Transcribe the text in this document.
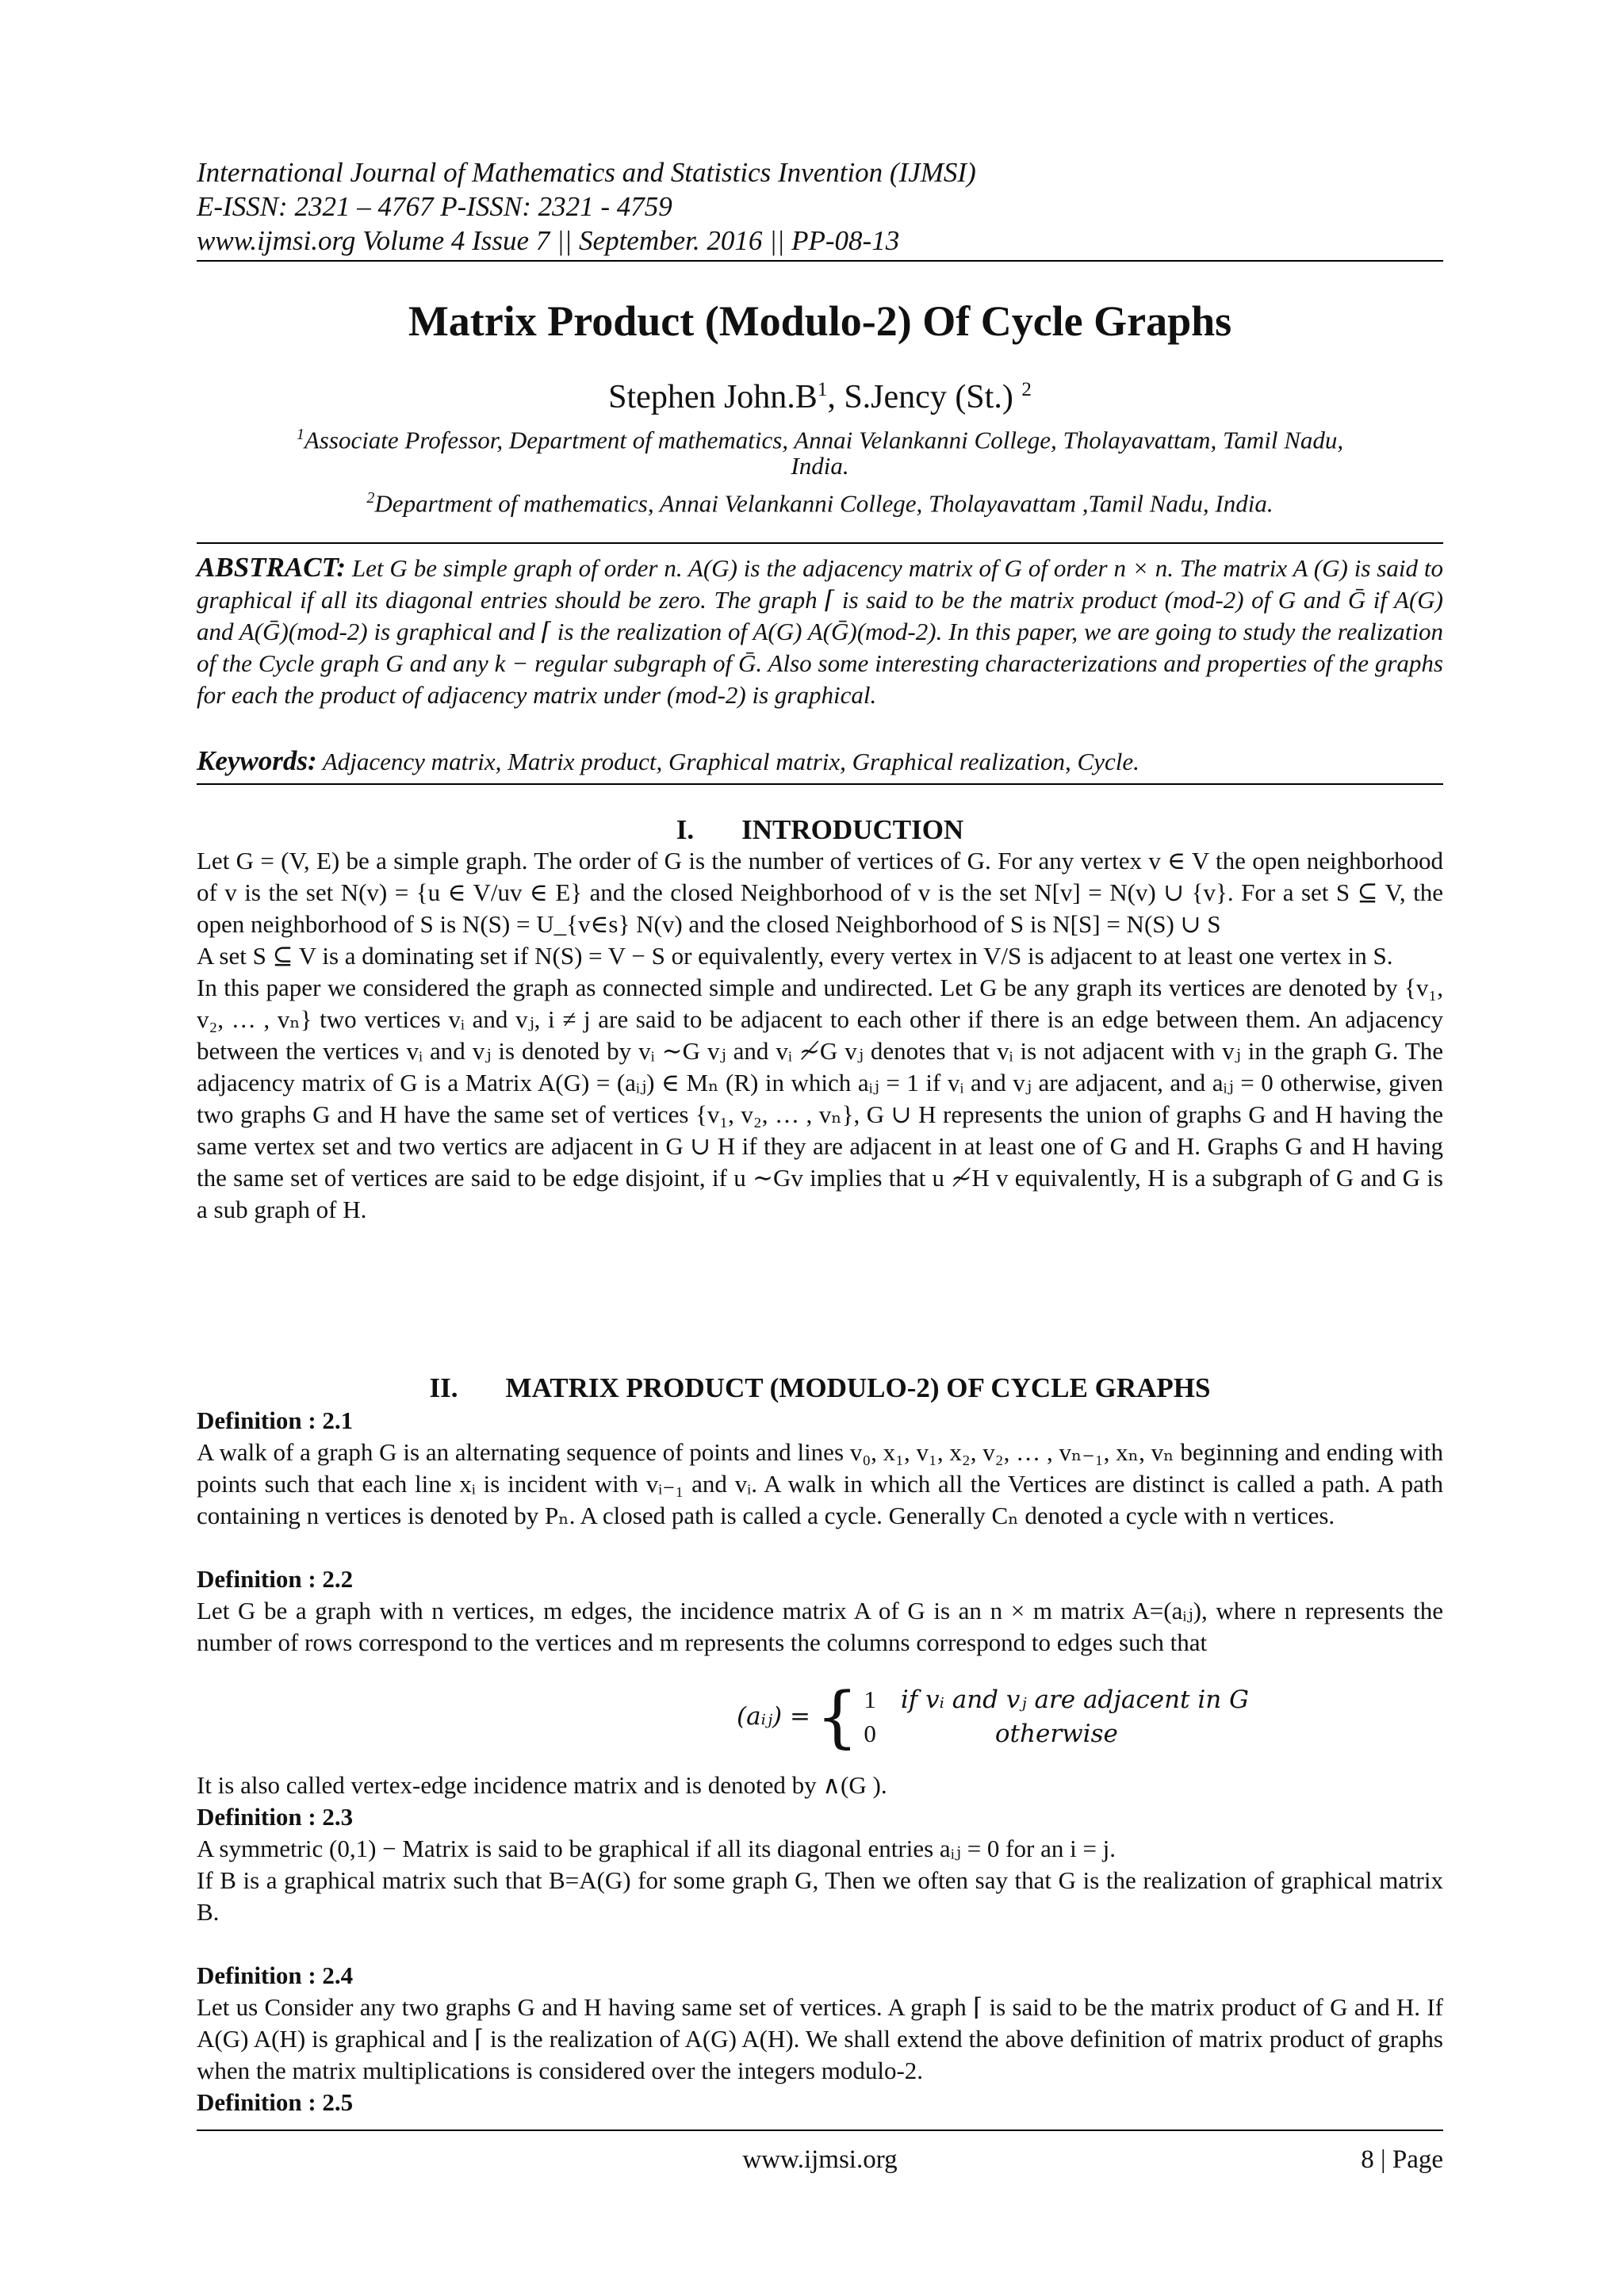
International Journal of Mathematics and Statistics Invention (IJMSI)
E-ISSN: 2321 – 4767 P-ISSN: 2321 - 4759
www.ijmsi.org Volume 4 Issue 7 || September. 2016 || PP-08-13
Matrix Product (Modulo-2) Of Cycle Graphs
Stephen $John.B^1$, S.Jency (St.) $^2$
$^1$Associate Professor, Department of mathematics, Annai Velankanni College, Tholayavattam, Tamil Nadu,
India.
$^2$Department of mathematics, Annai Velankanni College, Tholayavattam ,Tamil Nadu, India.
ABSTRACT: Let G be simple graph of order n. A(G) is the adjacency matrix of G of order n × n. The matrix A (G) is said to graphical if all its diagonal entries should be zero. The graph ⌈ is said to be the matrix product (mod-2) of G and Ḡ if A(G) and A(Ḡ)(mod-2) is graphical and ⌈ is the realization of A(G) A(Ḡ)(mod-2). In this paper, we are going to study the realization of the Cycle graph G and any k − regular subgraph of Ḡ. Also some interesting characterizations and properties of the graphs for each the product of adjacency matrix under (mod-2) is graphical.
Keywords: Adjacency matrix, Matrix product, Graphical matrix, Graphical realization, Cycle.
I. INTRODUCTION

Let G = (V, E) be a simple graph. The order of G is the number of vertices of G. For any vertex v ∈ V the open neighborhood of v is the set N(v) = {u ∈ V/uv ∈ E} and the closed Neighborhood of v is the set N[v] = N(v) ∪ {v}. For a set S ⊆ V, the open neighborhood of S is N(S) = U_{v∈s} N(v) and the closed Neighborhood of S is N[S] = N(S) ∪ S

A set S ⊆ V is a dominating set if N(S) = V − S or equivalently, every vertex in V/S is adjacent to at least one vertex in S.

In this paper we considered the graph as connected simple and undirected. Let G be any graph its vertices are denoted by {v₁, v₂, … , vₙ} two vertices vᵢ and vⱼ, i ≠ j are said to be adjacent to each other if there is an edge between them. An adjacency between the vertices vᵢ and vⱼ is denoted by vᵢ ∼G vⱼ and vᵢ ≁G vⱼ denotes that vᵢ is not adjacent with vⱼ in the graph G. The adjacency matrix of G is a Matrix A(G) = (aᵢⱼ) ∈ Mₙ (R) in which aᵢⱼ = 1 if vᵢ and vⱼ are adjacent, and aᵢⱼ = 0 otherwise, given two graphs G and H have the same set of vertices {v₁, v₂, … , vₙ}, G ∪ H represents the union of graphs G and H having the same vertex set and two vertics are adjacent in G ∪ H if they are adjacent in at least one of G and H. Graphs G and H having the same set of vertices are said to be edge disjoint, if u ∼Gv implies that u ≁H v equivalently, H is a subgraph of G and G is a sub graph of H.

II. MATRIX PRODUCT (MODULO-2) OF CYCLE GRAPHS
Definition : 2.1
A walk of a graph G is an alternating sequence of points and lines v₀, x₁, v₁, x₂, v₂, … , vₙ₋₁, xₙ, vₙ beginning and ending with points such that each line xᵢ is incident with vᵢ₋₁ and vᵢ. A walk in which all the Vertices are distinct is called a path. A path containing n vertices is denoted by Pₙ. A closed path is called a cycle. Generally Cₙ denoted a cycle with n vertices.
Definition : 2.2
Let G be a graph with n vertices, m edges, the incidence matrix A of G is an n × m matrix A=(aᵢⱼ), where n represents the number of rows correspond to the vertices and m represents the columns correspond to edges such that
(aᵢⱼ) =	{	1	if vᵢ and vⱼ are adjacent in G
		0	otherwise
It is also called vertex-edge incidence matrix and is denoted by ∧(G ).
Definition : 2.3

A symmetric (0,1) − Matrix is said to be graphical if all its diagonal entries aᵢⱼ = 0 for an i = j.

If B is a graphical matrix such that B=A(G) for some graph G, Then we often say that G is the realization of graphical matrix B.

Definition : 2.4
Let us Consider any two graphs G and H having same set of vertices. A graph ⌈ is said to be the matrix product of G and H. If A(G) A(H) is graphical and ⌈ is the realization of A(G) A(H). We shall extend the above definition of matrix product of graphs when the matrix multiplications is considered over the integers modulo-2.
Definition : 2.5
www.ijmsi.org	8 | Page
